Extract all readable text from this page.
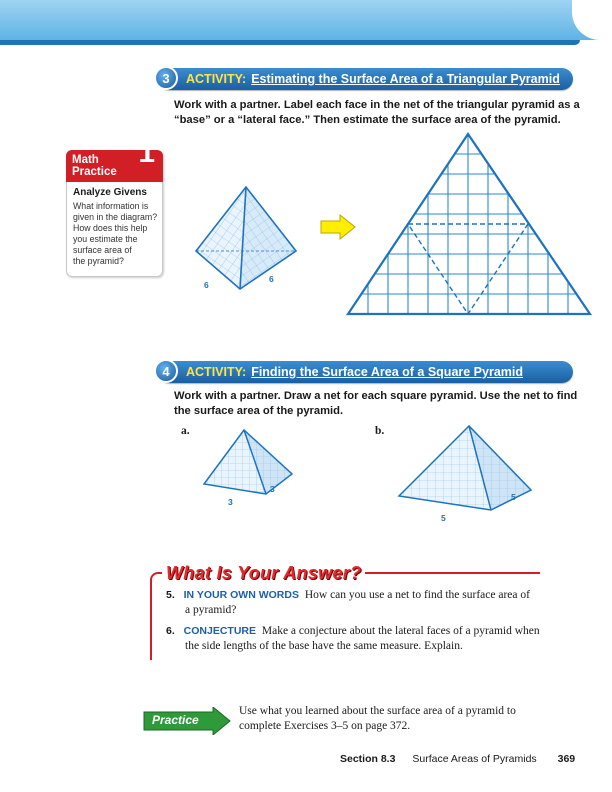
3	ACTIVITY: Estimating the Surface Area of a Triangular Pyramid
Work with a partner. Label each face in the net of the triangular pyramid as a
“base” or a “lateral face.” Then estimate the surface area of the pyramid.
Math
Practice
1
Analyze Givens
What information is
given in the diagram?
How does this help
you estimate the
surface area of
the pyramid?
6
6
4	ACTIVITY: Finding the Surface Area of a Square Pyramid
Work with a partner. Draw a net for each square pyramid. Use the net to find
the surface area of the pyramid.
a.	b.
3
3
5
5
What Is Your Answer?
5. IN YOUR OWN WORDS How can you use a net to find the surface area of
a pyramid?
6. CONJECTURE Make a conjecture about the lateral faces of a pyramid when
the side lengths of the base have the same measure. Explain.
Practice
Use what you learned about the surface area of a pyramid to
complete Exercises 3–5 on page 372.
Section 8.3 Surface Areas of Pyramids 369
